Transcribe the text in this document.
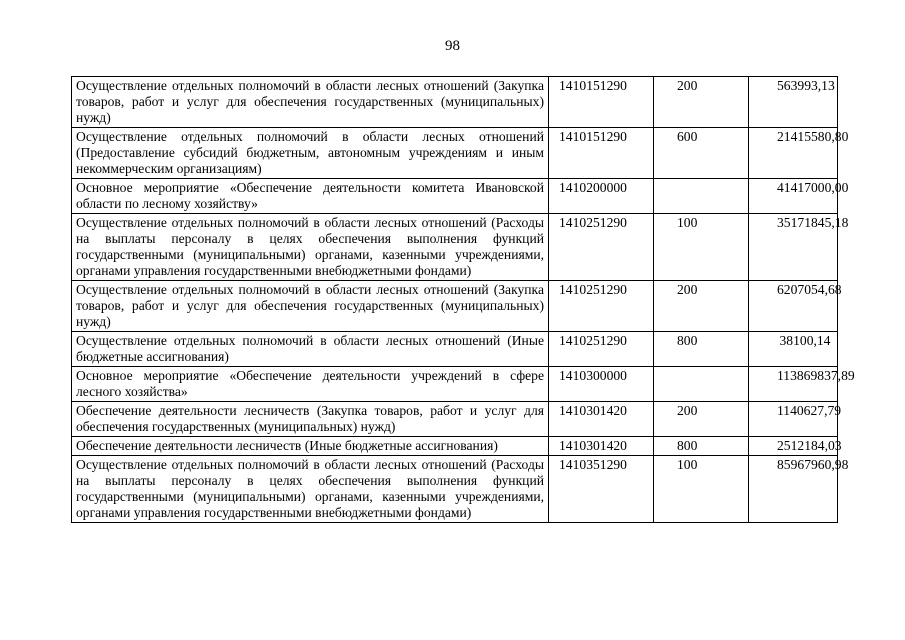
98
Осуществление отдельных полномочий в области лесных отношений (Закупка товаров, работ и услуг для обеспечения государственных (муниципальных) нужд)	1410151290	200	563993,13
Осуществление отдельных полномочий в области лесных отношений (Предоставление субсидий бюджетным, автономным учреждениям и иным некоммерческим организациям)	1410151290	600	21415580,80
Основное мероприятие «Обеспечение деятельности комитета Ивановской области по лесному хозяйству»	1410200000		41417000,00
Осуществление отдельных полномочий в области лесных отношений (Расходы на выплаты персоналу в целях обеспечения выполнения функций государственными (муниципальными) органами, казенными учреждениями, органами управления государственными внебюджетными фондами)	1410251290	100	35171845,18
Осуществление отдельных полномочий в области лесных отношений (Закупка товаров, работ и услуг для обеспечения государственных (муниципальных) нужд)	1410251290	200	6207054,68
Осуществление отдельных полномочий в области лесных отношений (Иные бюджетные ассигнования)	1410251290	800	38100,14
Основное мероприятие «Обеспечение деятельности учреждений в сфере лесного хозяйства»	1410300000		113869837,89
Обеспечение деятельности лесничеств (Закупка товаров, работ и услуг для обеспечения государственных (муниципальных) нужд)	1410301420	200	1140627,79
Обеспечение деятельности лесничеств (Иные бюджетные ассигнования)	1410301420	800	2512184,03
Осуществление отдельных полномочий в области лесных отношений (Расходы на выплаты персоналу в целях обеспечения выполнения функций государственными (муниципальными) органами, казенными учреждениями, органами управления государственными внебюджетными фондами)	1410351290	100	85967960,98
